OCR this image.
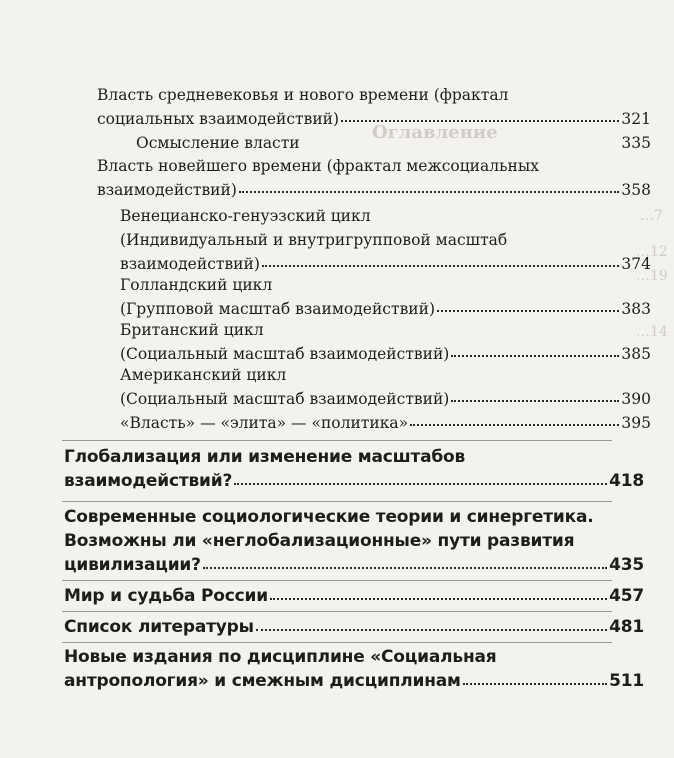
Оглавление
…7
…12
…19
…14
Власть средневековья и нового времени (фрактал
социальных взаимодействий)	321
Осмысление власти	335
Власть новейшего времени (фрактал межсоциальных
взаимодействий)	358
Венецианско-генуэзский цикл
(Индивидуальный и внутригрупповой масштаб
взаимодействий)	374
Голландский цикл
(Групповой масштаб взаимодействий)	383
Британский цикл
(Социальный масштаб взаимодействий)	385
Американский цикл
(Социальный масштаб взаимодействий)	390
«Власть» — «элита» — «политика»	395
Глобализация или изменение масштабов
взаимодействий?	418
Современные социологические теории и синергетика.
Возможны ли «неглобализационные» пути развития
цивилизации?	435
Мир и судьба России	457
Список литературы	481
Новые издания по дисциплине «Социальная
антропология» и смежным дисциплинам	511
